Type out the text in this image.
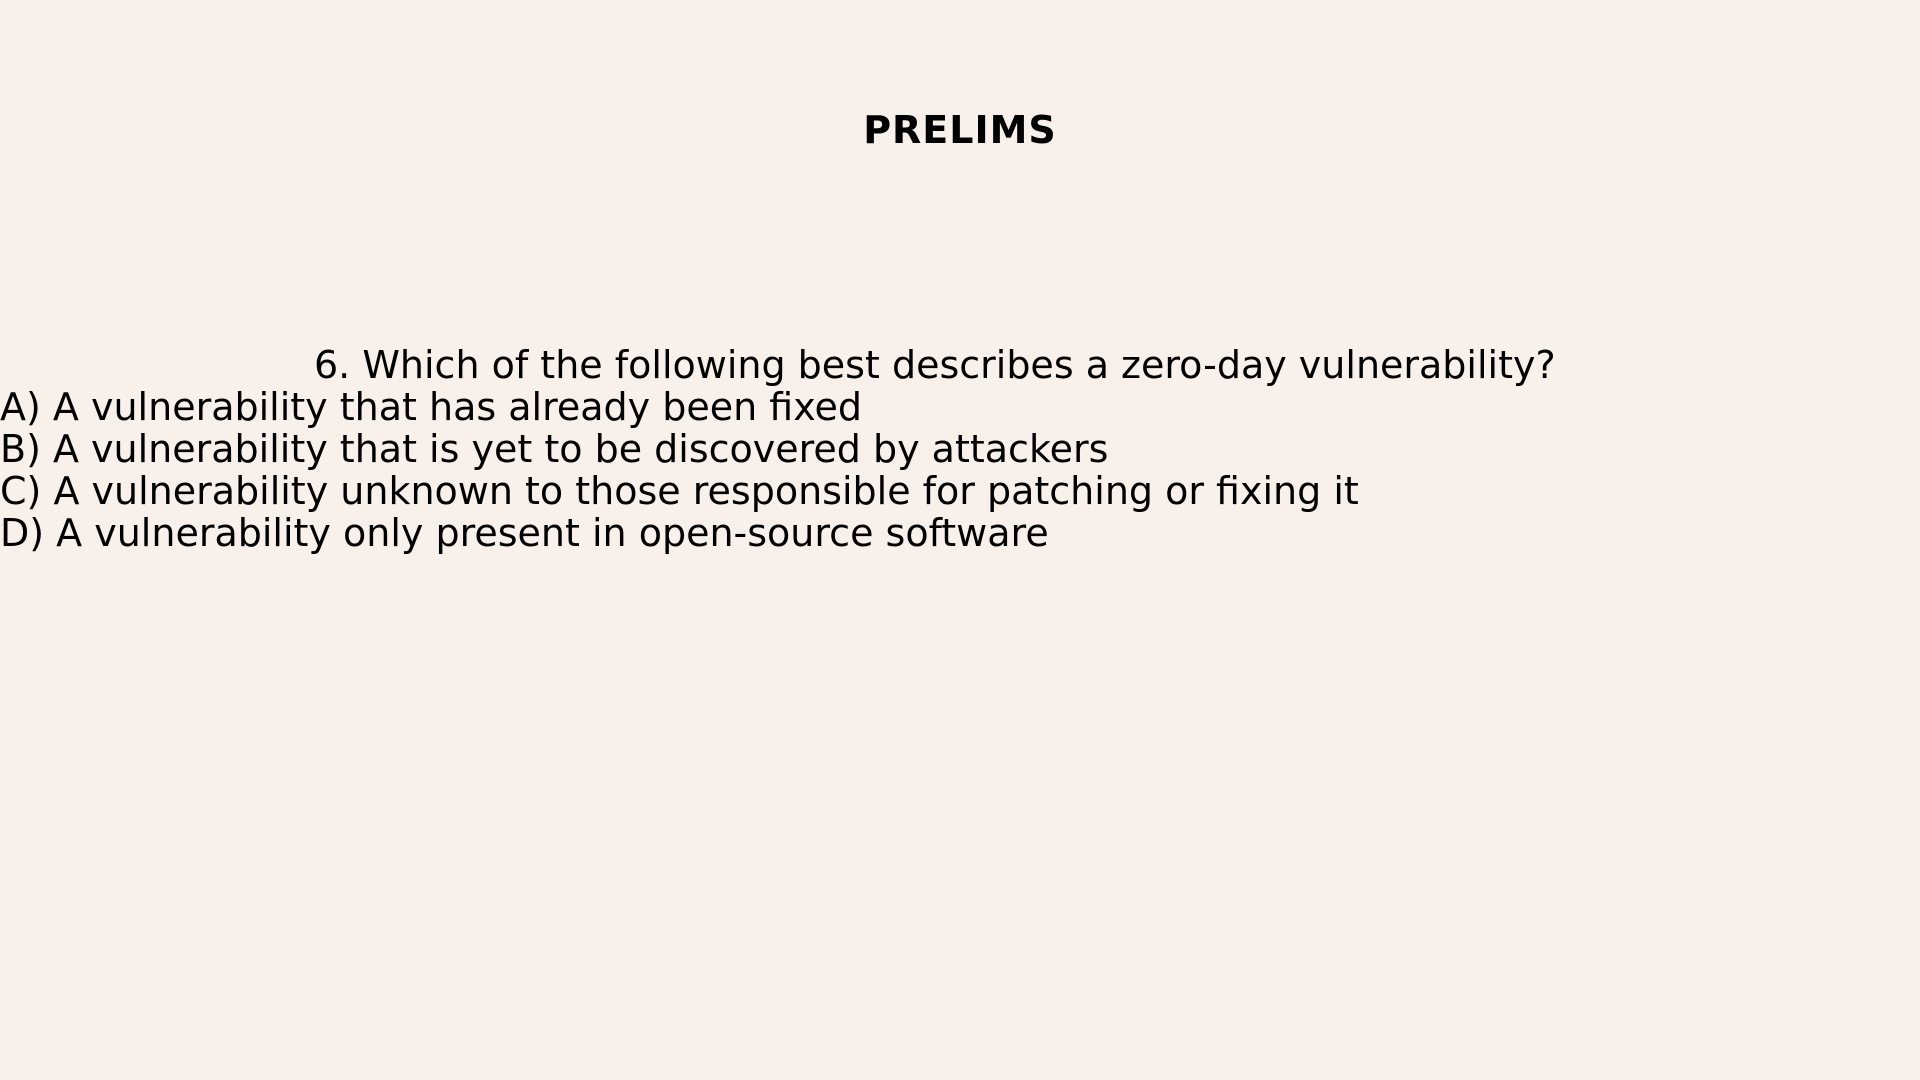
PRELIMS

6. Which of the following best describes a zero-day vulnerability?

A) A vulnerability that has already been fixed
B) A vulnerability that is yet to be discovered by attackers
C) A vulnerability unknown to those responsible for patching or fixing it
D) A vulnerability only present in open-source software
